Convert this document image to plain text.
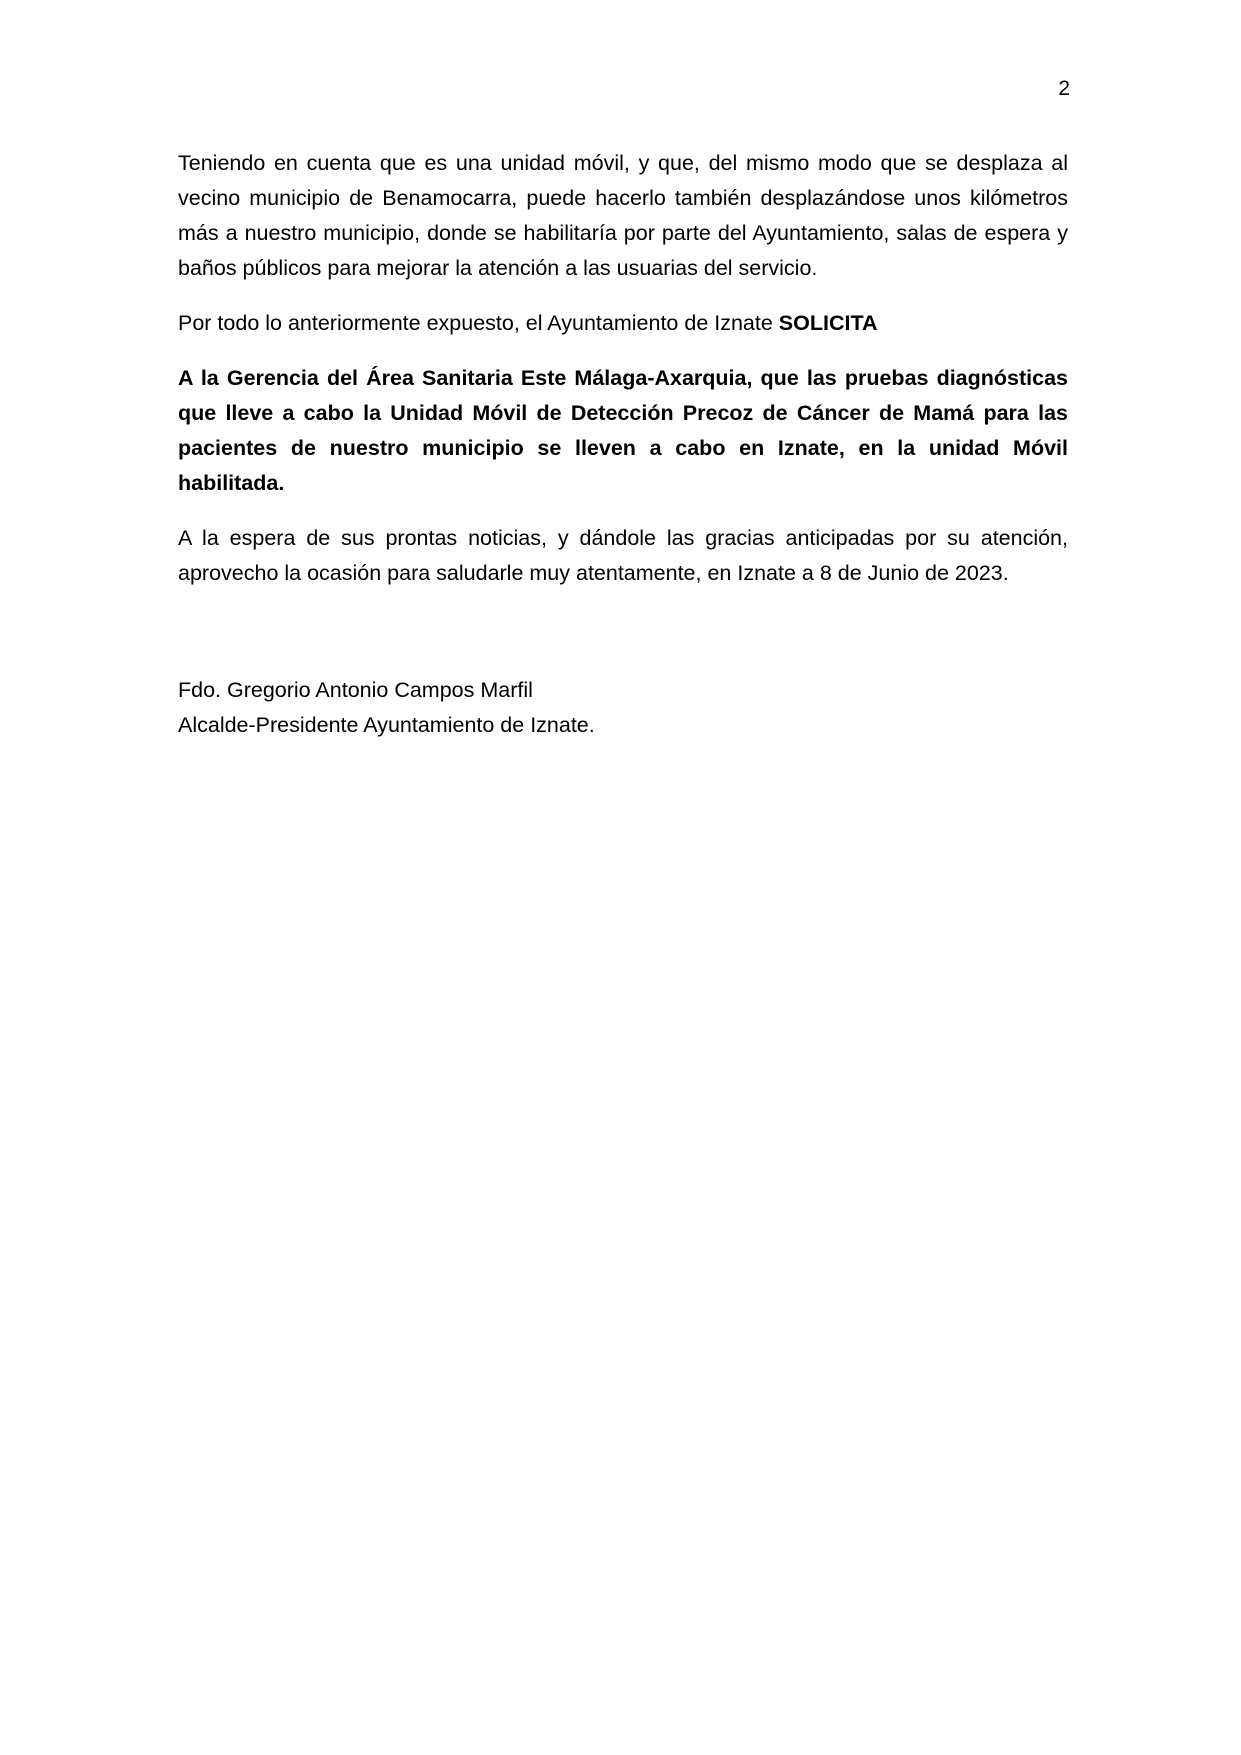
2

Teniendo en cuenta que es una unidad móvil, y que, del mismo modo que se desplaza al vecino municipio de Benamocarra, puede hacerlo también desplazándose unos kilómetros más a nuestro municipio, donde se habilitaría por parte del Ayuntamiento, salas de espera y baños públicos para mejorar la atención a las usuarias del servicio.

Por todo lo anteriormente expuesto, el Ayuntamiento de Iznate SOLICITA

A la Gerencia del Área Sanitaria Este Málaga-Axarquia, que las pruebas diagnósticas que lleve a cabo la Unidad Móvil de Detección Precoz de Cáncer de Mamá para las pacientes de nuestro municipio se lleven a cabo en Iznate, en la unidad Móvil habilitada.

A la espera de sus prontas noticias, y dándole las gracias anticipadas por su atención, aprovecho la ocasión para saludarle muy atentamente, en Iznate a 8 de Junio de 2023.

Fdo. Gregorio Antonio Campos Marfil
Alcalde-Presidente Ayuntamiento de Iznate.
